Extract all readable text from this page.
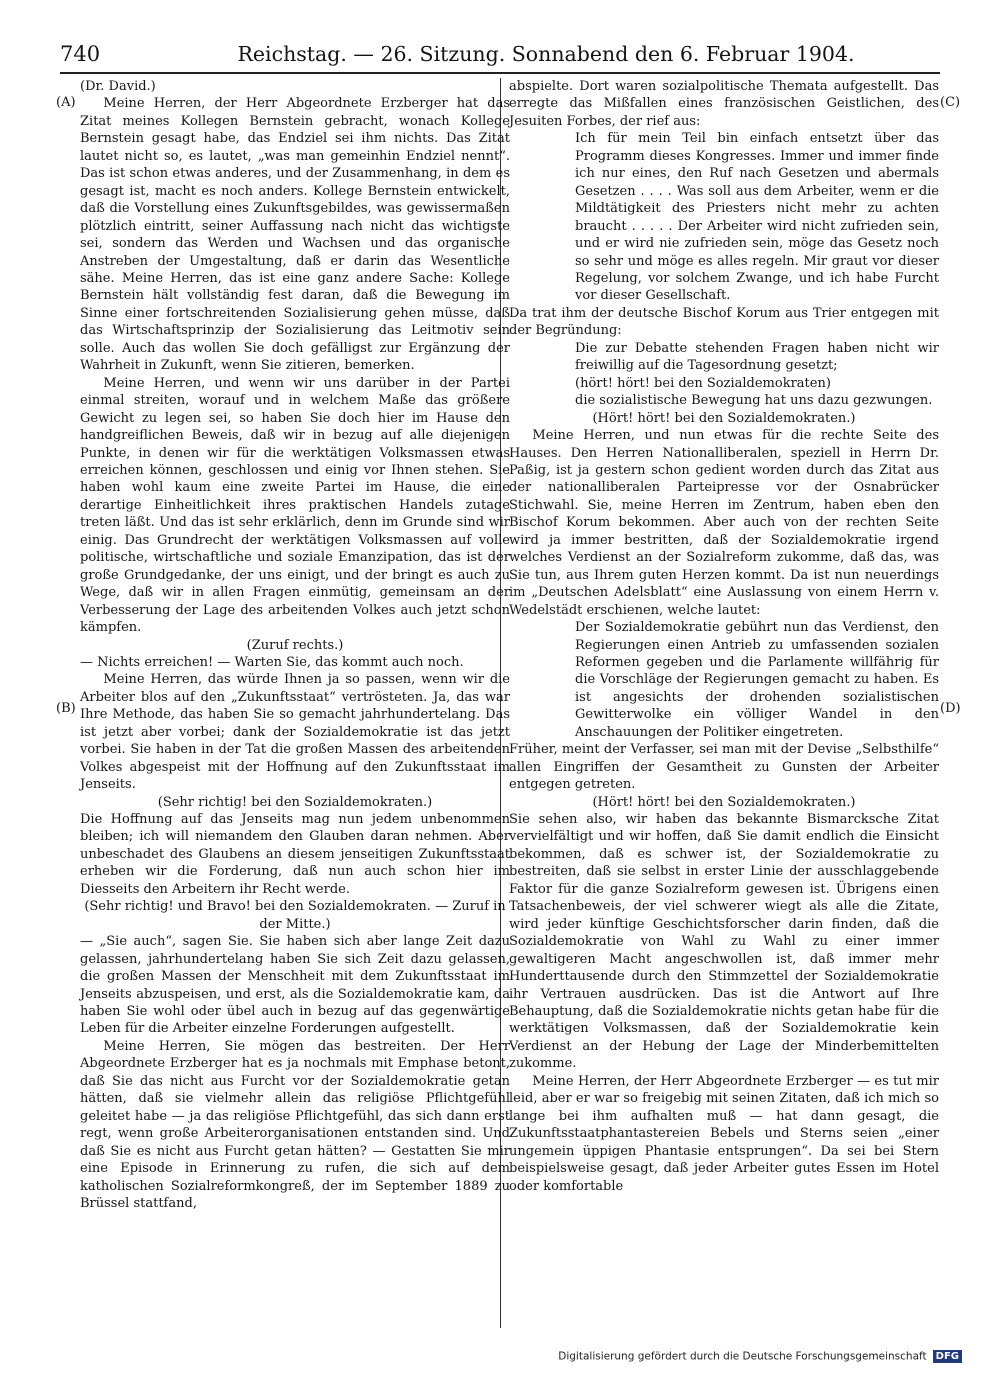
740	Reichstag. — 26. Sitzung. Sonnabend den 6. Februar 1904.
(A)
(B)
(C)
(D)

(Dr. David.)

Meine Herren, der Herr Abgeordnete Erzberger hat das Zitat meines Kollegen Bernstein gebracht, wonach Kollege Bernstein gesagt habe, das Endziel sei ihm nichts. Das Zitat lautet nicht so, es lautet, „was man gemeinhin Endziel nennt“. Das ist schon etwas anderes, und der Zusammenhang, in dem es gesagt ist, macht es noch anders. Kollege Bernstein entwickelt, daß die Vorstellung eines Zukunftsgebildes, was gewissermaßen plötzlich eintritt, seiner Auffassung nach nicht das wichtigste sei, sondern das Werden und Wachsen und das organische Anstreben der Umgestaltung, daß er darin das Wesentliche sähe. Meine Herren, das ist eine ganz andere Sache: Kollege Bernstein hält vollständig fest daran, daß die Bewegung im Sinne einer fortschreitenden Sozialisierung gehen müsse, daß das Wirtschaftsprinzip der Sozialisierung das Leitmotiv sein solle. Auch das wollen Sie doch gefälligst zur Ergänzung der Wahrheit in Zukunft, wenn Sie zitieren, bemerken.

Meine Herren, und wenn wir uns darüber in der Partei einmal streiten, worauf und in welchem Maße das größere Gewicht zu legen sei, so haben Sie doch hier im Hause den handgreiflichen Beweis, daß wir in bezug auf alle diejenigen Punkte, in denen wir für die werktätigen Volksmassen etwas erreichen können, geschlossen und einig vor Ihnen stehen. Sie haben wohl kaum eine zweite Partei im Hause, die eine derartige Einheitlichkeit ihres praktischen Handels zutage treten läßt. Und das ist sehr erklärlich, denn im Grunde sind wir einig. Das Grundrecht der werktätigen Volksmassen auf volle politische, wirtschaftliche und soziale Emanzipation, das ist der große Grundgedanke, der uns einigt, und der bringt es auch zu Wege, daß wir in allen Fragen einmütig, gemeinsam an der Verbesserung der Lage des arbeitenden Volkes auch jetzt schon kämpfen.

(Zuruf rechts.)

— Nichts erreichen! — Warten Sie, das kommt auch noch.

Meine Herren, das würde Ihnen ja so passen, wenn wir die Arbeiter blos auf den „Zukunftsstaat“ vertrösteten. Ja, das war Ihre Methode, das haben Sie so gemacht jahrhundertelang. Das ist jetzt aber vorbei; dank der Sozialdemokratie ist das jetzt vorbei. Sie haben in der Tat die großen Massen des arbeitenden Volkes abgespeist mit der Hoffnung auf den Zukunftsstaat im Jenseits.

(Sehr richtig! bei den Sozialdemokraten.)

Die Hoffnung auf das Jenseits mag nun jedem unbenommen bleiben; ich will niemandem den Glauben daran nehmen. Aber unbeschadet des Glaubens an diesem jenseitigen Zukunftsstaat erheben wir die Forderung, daß nun auch schon hier im Diesseits den Arbeitern ihr Recht werde.

(Sehr richtig! und Bravo! bei den Sozialdemokraten. — Zuruf in der Mitte.)

— „Sie auch“, sagen Sie. Sie haben sich aber lange Zeit dazu gelassen, jahrhundertelang haben Sie sich Zeit dazu gelassen, die großen Massen der Menschheit mit dem Zukunftsstaat im Jenseits abzuspeisen, und erst, als die Sozialdemokratie kam, da haben Sie wohl oder übel auch in bezug auf das gegenwärtige Leben für die Arbeiter einzelne Forderungen aufgestellt.

Meine Herren, Sie mögen das bestreiten. Der Herr Abgeordnete Erzberger hat es ja nochmals mit Emphase betont, daß Sie das nicht aus Furcht vor der Sozialdemokratie getan hätten, daß sie vielmehr allein das religiöse Pflichtgefühl geleitet habe — ja das religiöse Pflichtgefühl, das sich dann erst regt, wenn große Arbeiterorganisationen entstanden sind. Und daß Sie es nicht aus Furcht getan hätten? — Gestatten Sie mir eine Episode in Erinnerung zu rufen, die sich auf dem katholischen Sozialreformkongreß, der im September 1889 zu Brüssel stattfand,

abspielte. Dort waren sozialpolitische Themata aufgestellt. Das erregte das Mißfallen eines französischen Geistlichen, des Jesuiten Forbes, der rief aus:

Ich für mein Teil bin einfach entsetzt über das Programm dieses Kongresses. Immer und immer finde ich nur eines, den Ruf nach Gesetzen und abermals Gesetzen . . . . Was soll aus dem Arbeiter, wenn er die Mildtätigkeit des Priesters nicht mehr zu achten braucht . . . . . Der Arbeiter wird nicht zufrieden sein, und er wird nie zufrieden sein, möge das Gesetz noch so sehr und möge es alles regeln. Mir graut vor dieser Regelung, vor solchem Zwange, und ich habe Furcht vor dieser Gesellschaft.

Da trat ihm der deutsche Bischof Korum aus Trier entgegen mit der Begründung:

Die zur Debatte stehenden Fragen haben nicht wir freiwillig auf die Tagesordnung gesetzt;

(hört! hört! bei den Sozialdemokraten)

die sozialistische Bewegung hat uns dazu gezwungen.

(Hört! hört! bei den Sozialdemokraten.)

Meine Herren, und nun etwas für die rechte Seite des Hauses. Den Herren Nationalliberalen, speziell in Herrn Dr. Paßig, ist ja gestern schon gedient worden durch das Zitat aus der nationalliberalen Parteipresse vor der Osnabrücker Stichwahl. Sie, meine Herren im Zentrum, haben eben den Bischof Korum bekommen. Aber auch von der rechten Seite wird ja immer bestritten, daß der Sozialdemokratie irgend welches Verdienst an der Sozialreform zukomme, daß das, was Sie tun, aus Ihrem guten Herzen kommt. Da ist nun neuerdings im „Deutschen Adelsblatt“ eine Auslassung von einem Herrn v. Wedelstädt erschienen, welche lautet:

Der Sozialdemokratie gebührt nun das Verdienst, den Regierungen einen Antrieb zu umfassenden sozialen Reformen gegeben und die Parlamente willfährig für die Vorschläge der Regierungen gemacht zu haben. Es ist angesichts der drohenden sozialistischen Gewitterwolke ein völliger Wandel in den Anschauungen der Politiker eingetreten.

Früher, meint der Verfasser, sei man mit der Devise „Selbsthilfe“ allen Eingriffen der Gesamtheit zu Gunsten der Arbeiter entgegen getreten.

(Hört! hört! bei den Sozialdemokraten.)

Sie sehen also, wir haben das bekannte Bismarcksche Zitat vervielfältigt und wir hoffen, daß Sie damit endlich die Einsicht bekommen, daß es schwer ist, der Sozialdemokratie zu bestreiten, daß sie selbst in erster Linie der ausschlaggebende Faktor für die ganze Sozialreform gewesen ist. Übrigens einen Tatsachenbeweis, der viel schwerer wiegt als alle die Zitate, wird jeder künftige Geschichtsforscher darin finden, daß die Sozialdemokratie von Wahl zu Wahl zu einer immer gewaltigeren Macht angeschwollen ist, daß immer mehr Hunderttausende durch den Stimmzettel der Sozialdemokratie ihr Vertrauen ausdrücken. Das ist die Antwort auf Ihre Behauptung, daß die Sozialdemokratie nichts getan habe für die werktätigen Volksmassen, daß der Sozialdemokratie kein Verdienst an der Hebung der Lage der Minderbemittelten zukomme.

Meine Herren, der Herr Abgeordnete Erzberger — es tut mir leid, aber er war so freigebig mit seinen Zitaten, daß ich mich so lange bei ihm aufhalten muß — hat dann gesagt, die Zukunftsstaatphantastereien Bebels und Sterns seien „einer ungemein üppigen Phantasie entsprungen“. Da sei bei Stern beispielsweise gesagt, daß jeder Arbeiter gutes Essen im Hotel oder komfortable

Digitalisierung gefördert durch die Deutsche Forschungsgemeinschaft DFG
